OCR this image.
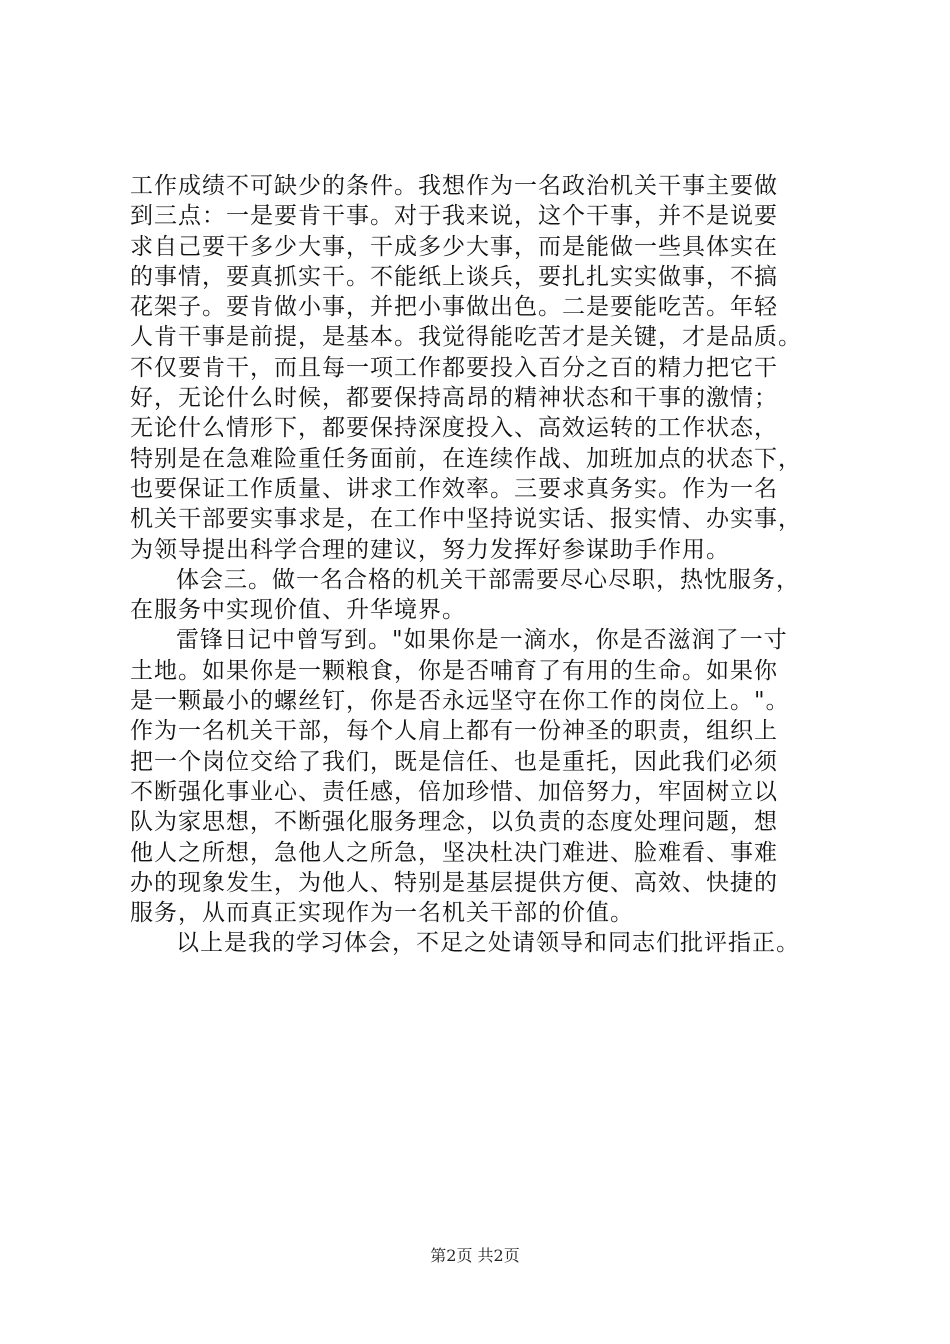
工作成绩不可缺少的条件。我想作为一名政治机关干事主要做
到三点：一是要肯干事。对于我来说，这个干事，并不是说要
求自己要干多少大事，干成多少大事，而是能做一些具体实在
的事情，要真抓实干。不能纸上谈兵，要扎扎实实做事，不搞
花架子。要肯做小事，并把小事做出色。二是要能吃苦。年轻
人肯干事是前提，是基本。我觉得能吃苦才是关键，才是品质。
不仅要肯干，而且每一项工作都要投入百分之百的精力把它干
好，无论什么时候，都要保持高昂的精神状态和干事的激情；
无论什么情形下，都要保持深度投入、高效运转的工作状态，
特别是在急难险重任务面前，在连续作战、加班加点的状态下，
也要保证工作质量、讲求工作效率。三要求真务实。作为一名
机关干部要实事求是，在工作中坚持说实话、报实情、办实事，
为领导提出科学合理的建议，努力发挥好参谋助手作用。
体会三。做一名合格的机关干部需要尽心尽职，热忱服务，
在服务中实现价值、升华境界。
雷锋日记中曾写到。"如果你是一滴水，你是否滋润了一寸
土地。如果你是一颗粮食，你是否哺育了有用的生命。如果你
是一颗最小的螺丝钉，你是否永远坚守在你工作的岗位上。"。
作为一名机关干部，每个人肩上都有一份神圣的职责，组织上
把一个岗位交给了我们，既是信任、也是重托，因此我们必须
不断强化事业心、责任感，倍加珍惜、加倍努力，牢固树立以
队为家思想，不断强化服务理念，以负责的态度处理问题，想
他人之所想，急他人之所急，坚决杜决门难进、脸难看、事难
办的现象发生，为他人、特别是基层提供方便、高效、快捷的
服务，从而真正实现作为一名机关干部的价值。
以上是我的学习体会，不足之处请领导和同志们批评指正。
第2页 共2页
